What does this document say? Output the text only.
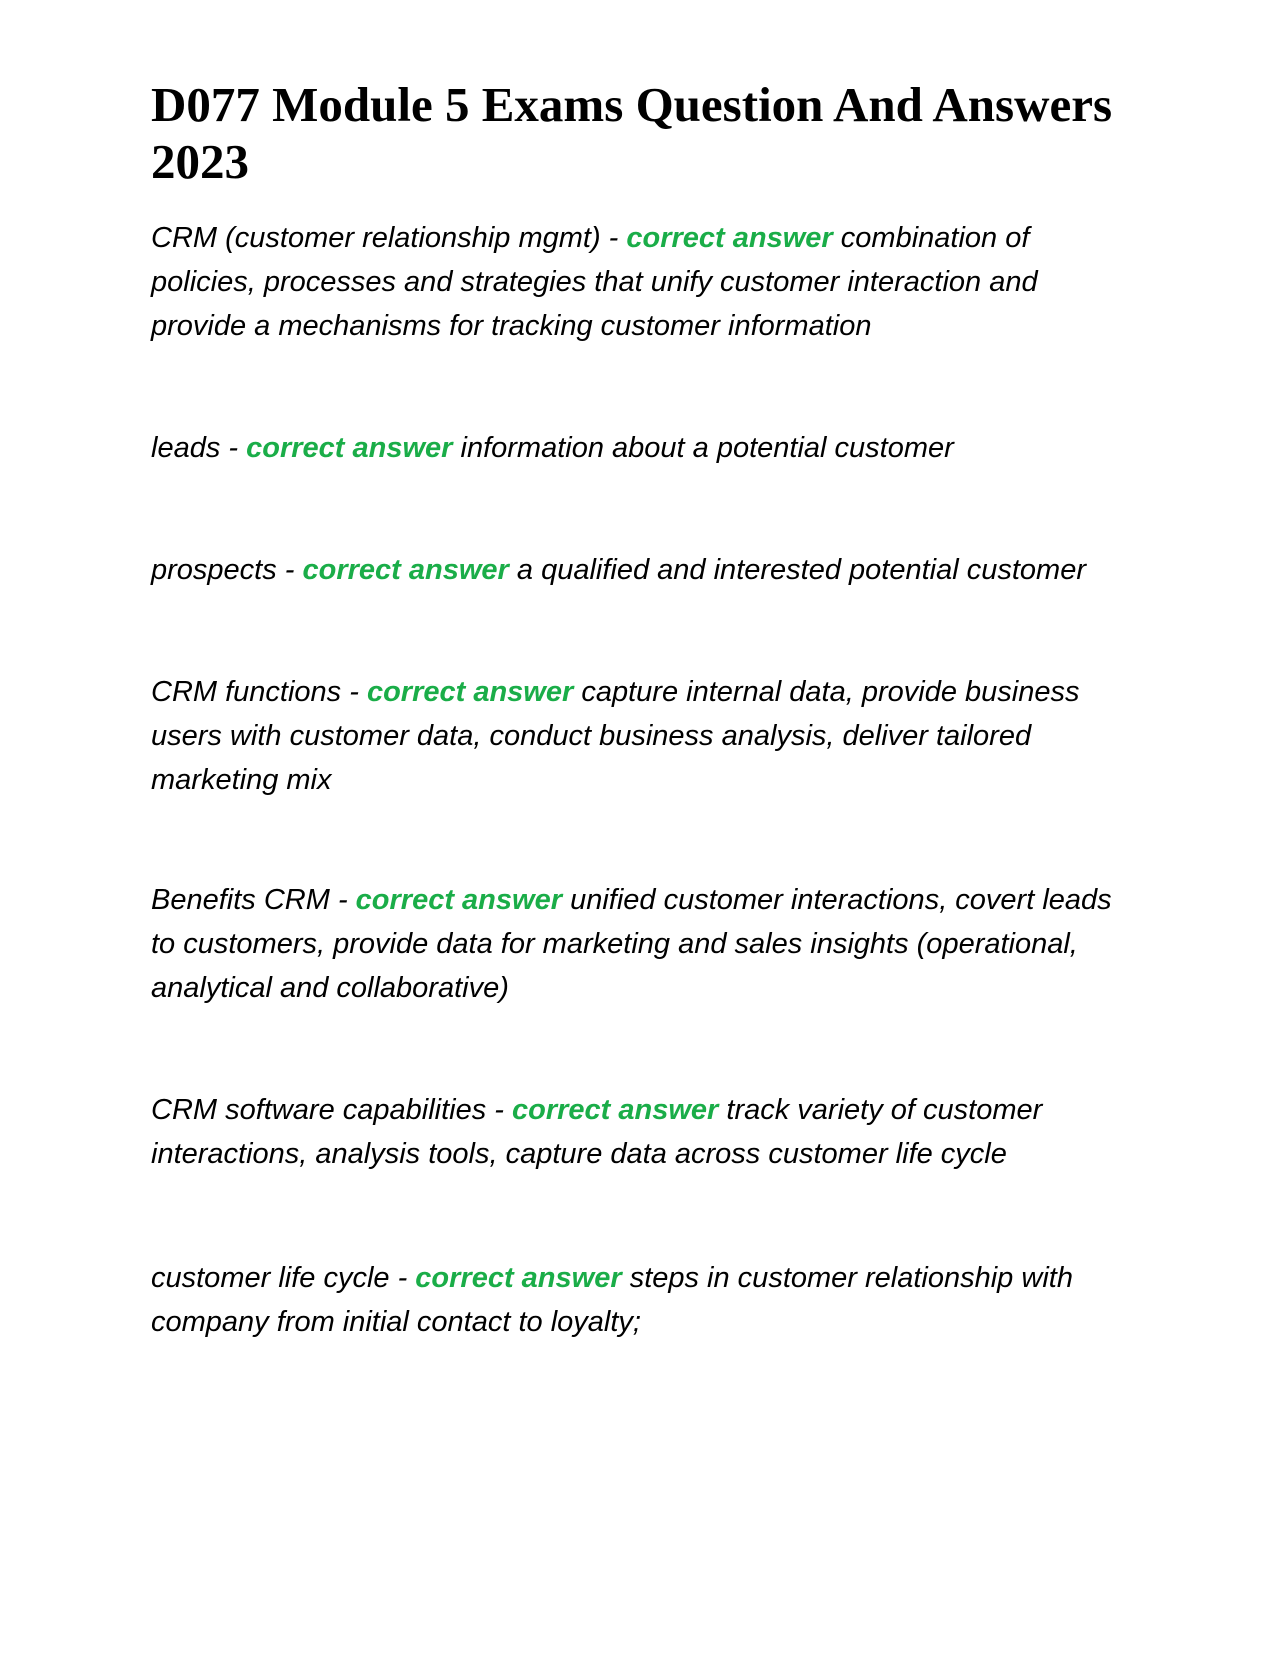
D077 Module 5 Exams Question And Answers 2023

CRM (customer relationship mgmt) - correct answer combination of policies, processes and strategies that unify customer interaction and provide a mechanisms for tracking customer information

leads - correct answer information about a potential customer

prospects - correct answer a qualified and interested potential customer

CRM functions - correct answer capture internal data, provide business users with customer data, conduct business analysis, deliver tailored marketing mix

Benefits CRM - correct answer unified customer interactions, covert leads to customers, provide data for marketing and sales insights (operational, analytical and collaborative)

CRM software capabilities - correct answer track variety of customer interactions, analysis tools, capture data across customer life cycle

customer life cycle - correct answer steps in customer relationship with company from initial contact to loyalty;
